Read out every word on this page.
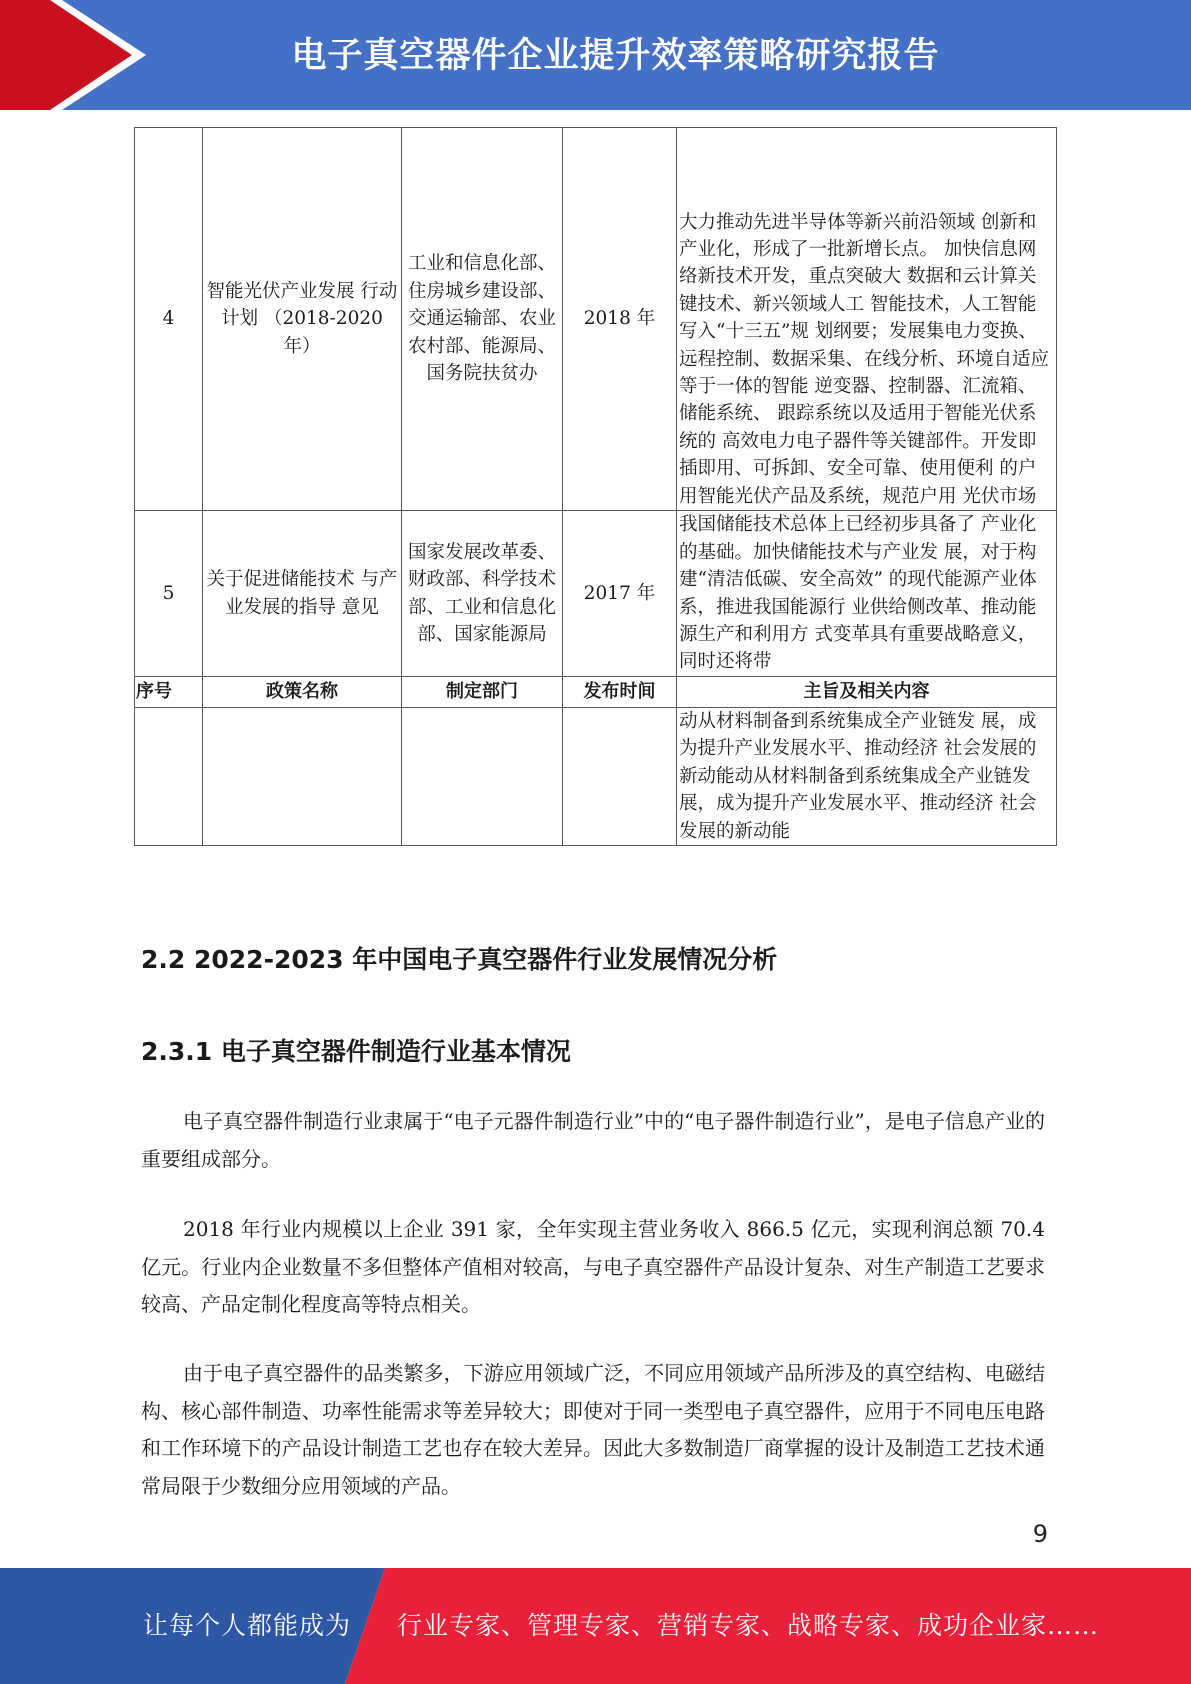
电子真空器件企业提升效率策略研究报告
4	智能光伏产业发展 行动计划 （2018-2020 年）	工业和信息化部、住房城乡建设部、交通运输部、农业农村部、能源局、国务院扶贫办	2018 年	大力推动先进半导体等新兴前沿领域 创新和产业化，形成了一批新增长点。 加快信息网络新技术开发，重点突破大 数据和云计算关键技术、新兴领域人工 智能技术，人工智能写入“十三五”规 划纲要；发展集电力变换、远程控制、数据采集、在线分析、环境自适应等于一体的智能 逆变器、控制器、汇流箱、储能系统、 跟踪系统以及适用于智能光伏系统的 高效电力电子器件等关键部件。开发即 插即用、可拆卸、安全可靠、使用便利 的户用智能光伏产品及系统，规范户用 光伏市场
5	关于促进储能技术 与产业发展的指导 意见	国家发展改革委、财政部、科学技术部、工业和信息化部、国家能源局	2017 年	我国储能技术总体上已经初步具备了 产业化的基础。加快储能技术与产业发 展，对于构建“清洁低碳、安全高效” 的现代能源产业体系，推进我国能源行 业供给侧改革、推动能源生产和利用方 式变革具有重要战略意义，同时还将带
序号	政策名称	制定部门	发布时间	主旨及相关内容
				动从材料制备到系统集成全产业链发 展，成为提升产业发展水平、推动经济 社会发展的新动能动从材料制备到系统集成全产业链发 展，成为提升产业发展水平、推动经济 社会发展的新动能
2.2 2022-2023 年中国电子真空器件行业发展情况分析
2.3.1 电子真空器件制造行业基本情况

电子真空器件制造行业隶属于“电子元器件制造行业”中的“电子器件制造行业”，是电子信息产业的重要组成部分。

2018 年行业内规模以上企业 391 家，全年实现主营业务收入 866.5 亿元，实现利润总额 70.4 亿元。行业内企业数量不多但整体产值相对较高，与电子真空器件产品设计复杂、对生产制造工艺要求较高、产品定制化程度高等特点相关。

由于电子真空器件的品类繁多，下游应用领域广泛，不同应用领域产品所涉及的真空结构、电磁结构、核心部件制造、功率性能需求等差异较大；即使对于同一类型电子真空器件，应用于不同电压电路和工作环境下的产品设计制造工艺也存在较大差异。因此大多数制造厂商掌握的设计及制造工艺技术通常局限于少数细分应用领域的产品。

9
让每个人都能成为 行业专家、管理专家、营销专家、战略专家、成功企业家……
